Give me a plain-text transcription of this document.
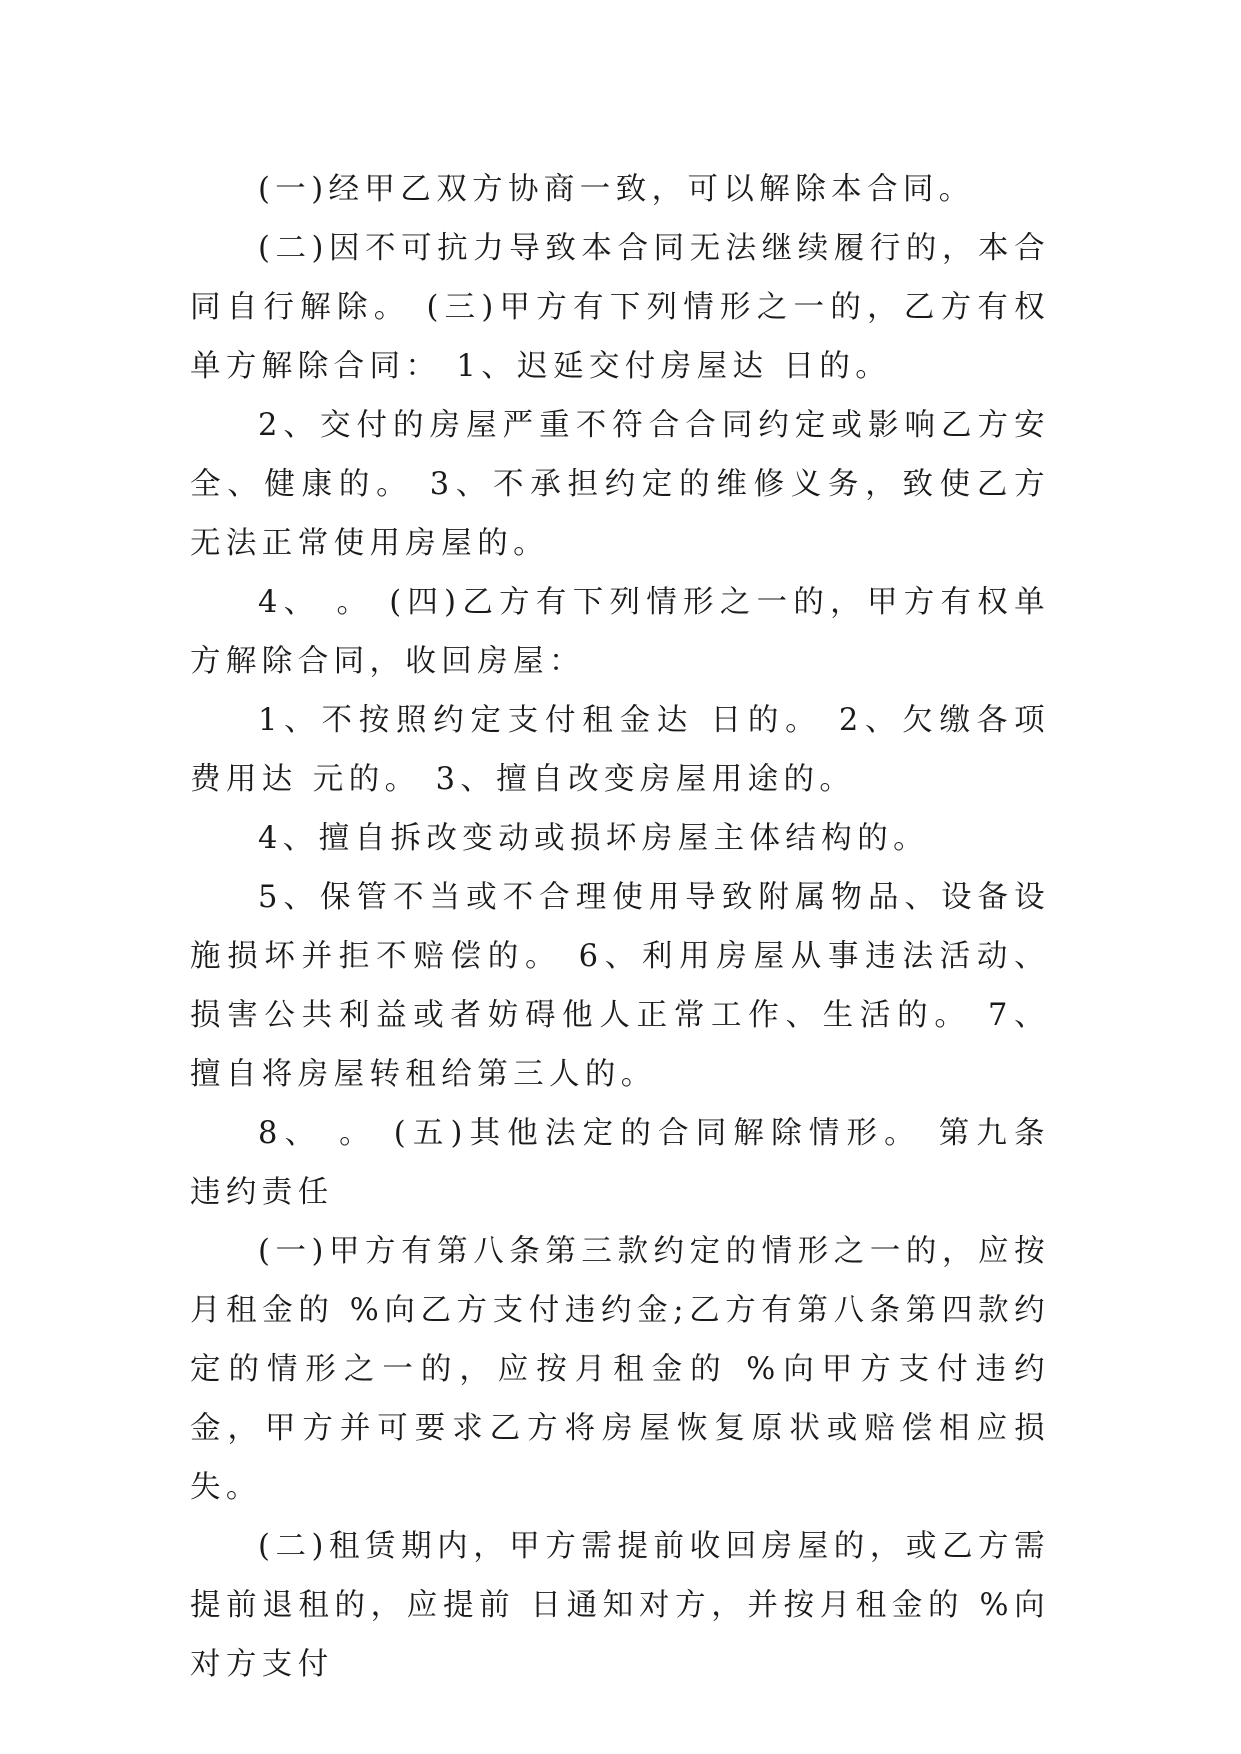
(一)经甲乙双方协商一致，可以解除本合同。

(二)因不可抗力导致本合同无法继续履行的，本合同自行解除。 (三)甲方有下列情形之一的，乙方有权单方解除合同： 1、迟延交付房屋达 日的。

2、交付的房屋严重不符合合同约定或影响乙方安全、健康的。 3、不承担约定的维修义务，致使乙方无法正常使用房屋的。

4、 。 (四)乙方有下列情形之一的，甲方有权单方解除合同，收回房屋：

1、不按照约定支付租金达 日的。 2、欠缴各项费用达 元的。 3、擅自改变房屋用途的。

4、擅自拆改变动或损坏房屋主体结构的。

5、保管不当或不合理使用导致附属物品、设备设施损坏并拒不赔偿的。 6、利用房屋从事违法活动、损害公共利益或者妨碍他人正常工作、生活的。 7、擅自将房屋转租给第三人的。

8、 。 (五)其他法定的合同解除情形。 第九条 违约责任

(一)甲方有第八条第三款约定的情形之一的，应按月租金的 %向乙方支付违约金;乙方有第八条第四款约定的情形之一的，应按月租金的 %向甲方支付违约金，甲方并可要求乙方将房屋恢复原状或赔偿相应损失。

(二)租赁期内，甲方需提前收回房屋的，或乙方需提前退租的，应提前 日通知对方，并按月租金的 %向对方支付
